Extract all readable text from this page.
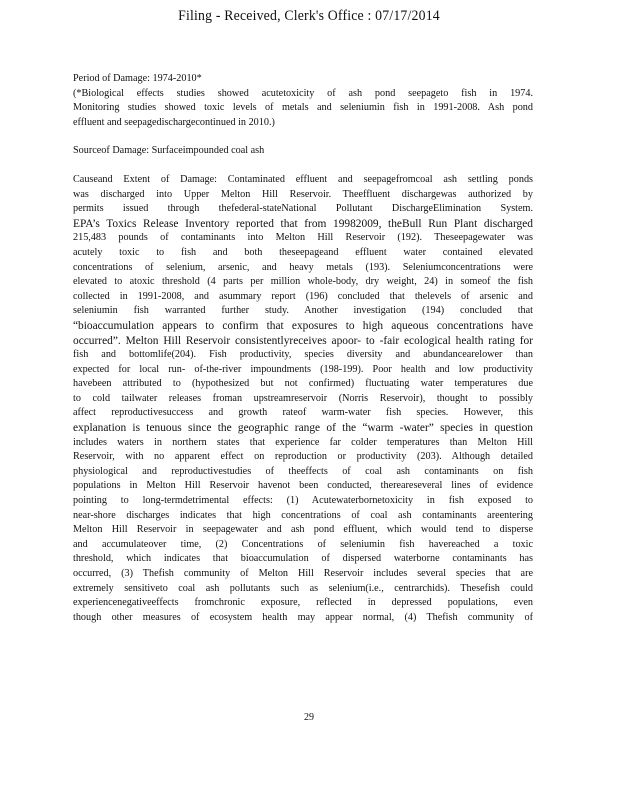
Filing - Received, Clerk's Office : 07/17/2014
Period of Damage: 1974-2010*
(*Biological effects studies showed acutetoxicity of ash pond seepageto fish in 1974.
Monitoring studies showed toxic levels of metals and seleniumin fish in 1991-2008. Ash pond
effluent and seepagedischargecontinued in 2010.)
Sourceof Damage: Surfaceimpounded coal ash
Causeand Extent of Damage: Contaminated effluent and seepagefromcoal ash settling ponds
was discharged into Upper Melton Hill Reservoir. Theeffluent dischargewas authorized by
permits issued through thefederal-stateNational Pollutant DischargeElimination System.
EPA’s Toxics Release Inventory reported that from 19982009, theBull Run Plant discharged
215,483 pounds of contaminants into Melton Hill Reservoir (192). Theseepagewater was
acutely toxic to fish and both theseepageand effluent water contained elevated
concentrations of selenium, arsenic, and heavy metals (193). Seleniumconcentrations were
elevated to atoxic threshold (4 parts per million whole-body, dry weight, 24) in someof the fish
collected in 1991-2008, and asummary report (196) concluded that thelevels of arsenic and
seleniumin fish warranted further study. Another investigation (194) concluded that
“bioaccumulation appears to confirm that exposures to high aqueous concentrations have
occurred”. Melton Hill Reservoir consistentlyreceives apoor- to -fair ecological health rating for
fish and bottomlife(204). Fish productivity, species diversity and abundancearelower than
expected for local run- of-the-river impoundments (198-199). Poor health and low productivity
havebeen attributed to (hypothesized but not confirmed) fluctuating water temperatures due
to cold tailwater releases froman upstreamreservoir (Norris Reservoir), thought to possibly
affect reproductivesuccess and growth rateof warm-water fish species. However, this
explanation is tenuous since the geographic range of the “warm -water” species in question
includes waters in northern states that experience far colder temperatures than Melton Hill
Reservoir, with no apparent effect on reproduction or productivity (203). Although detailed
physiological and reproductivestudies of theeffects of coal ash contaminants on fish
populations in Melton Hill Reservoir havenot been conducted, thereareseveral lines of evidence
pointing to long-termdetrimental effects: (1) Acutewaterbornetoxicity in fish exposed to
near-shore discharges indicates that high concentrations of coal ash contaminants areentering
Melton Hill Reservoir in seepagewater and ash pond effluent, which would tend to disperse
and accumulateover time, (2) Concentrations of seleniumin fish havereached a toxic
threshold, which indicates that bioaccumulation of dispersed waterborne contaminants has
occurred, (3) Thefish community of Melton Hill Reservoir includes several species that are
extremely sensitiveto coal ash pollutants such as selenium(i.e., centrarchids). Thesefish could
experiencenegativeeffects fromchronic exposure, reflected in depressed populations, even
though other measures of ecosystem health may appear normal, (4) Thefish community of
29
